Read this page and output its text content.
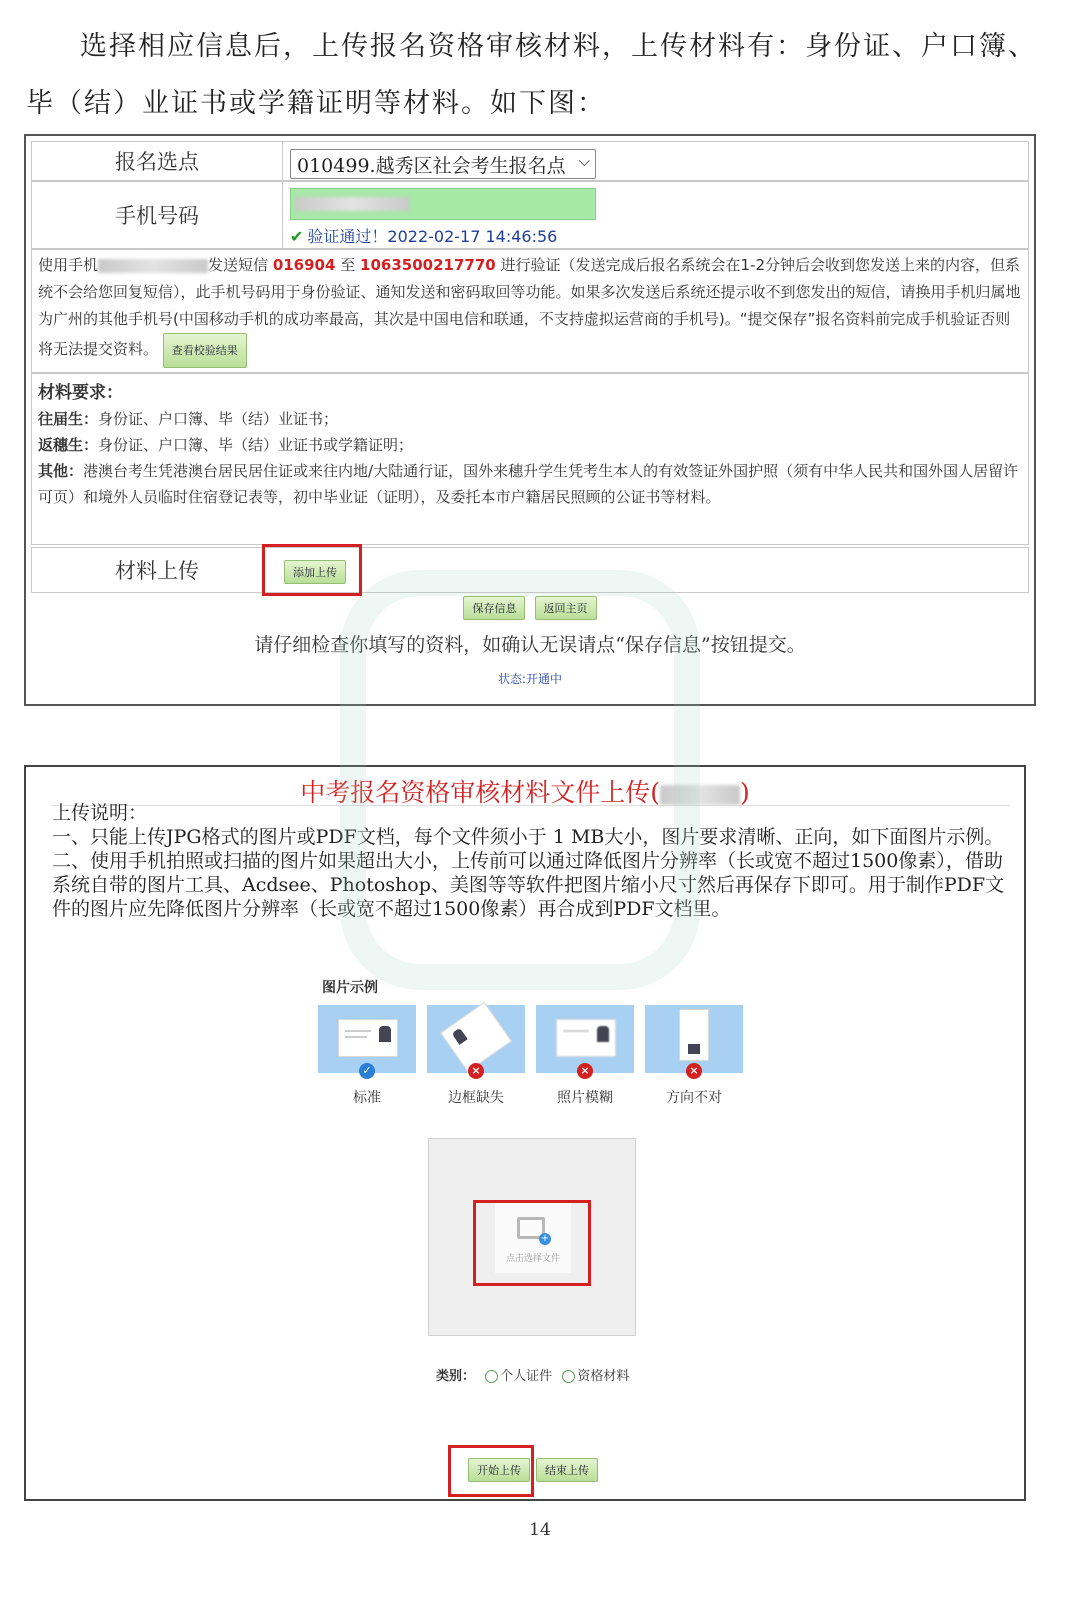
选择相应信息后，上传报名资格审核材料，上传材料有：身份证、户口簿、
毕（结）业证书或学籍证明等材料。如下图：
报名选点	010499.越秀区社会考生报名点 ⌵
手机号码
✔ 验证通过！2022-02-17 14:46:56
使用手机	发送短信 016904 至 1063500217770 进行验证（发送完成后报名系统会在1-2分钟后会收到您发送上来的内容，但系统不会给您回复短信），此手机号码用于身份验证、通知发送和密码取回等功能。如果多次发送后系统还提示收不到您发出的短信，请换用手机归属地为广州的其他手机号(中国移动手机的成功率最高，其次是中国电信和联通，不支持虚拟运营商的手机号)。“提交保存”报名资料前完成手机验证否则将无法提交资料。 查看校验结果
材料要求：
往届生：身份证、户口簿、毕（结）业证书；
返穗生：身份证、户口簿、毕（结）业证书或学籍证明；
其他：港澳台考生凭港澳台居民居住证或来往内地/大陆通行证，国外来穗升学生凭考生本人的有效签证外国护照（须有中华人民共和国外国人居留许可页）和境外人员临时住宿登记表等，初中毕业证（证明），及委托本市户籍居民照顾的公证书等材料。
材料上传	添加上传
保存信息 返回主页
请仔细检查你填写的资料，如确认无误请点“保存信息”按钮提交。
状态:开通中
中考报名资格审核材料文件上传(	)
上传说明：
一、只能上传JPG格式的图片或PDF文档，每个文件须小于 1 MB大小，图片要求清晰、正向，如下面图片示例。
二、使用手机拍照或扫描的图片如果超出大小，上传前可以通过降低图片分辨率（长或宽不超过1500像素），借助系统自带的图片工具、Acdsee、Photoshop、美图等等软件把图片缩小尺寸然后再保存下即可。用于制作PDF文件的图片应先降低图片分辨率（长或宽不超过1500像素）再合成到PDF文档里。
图片示例
✓	×	×	×
标准	边框缺失	照片模糊	方向不对
+
点击选择文件
类别： 个人证件 资格材料
开始上传	结束上传
14
